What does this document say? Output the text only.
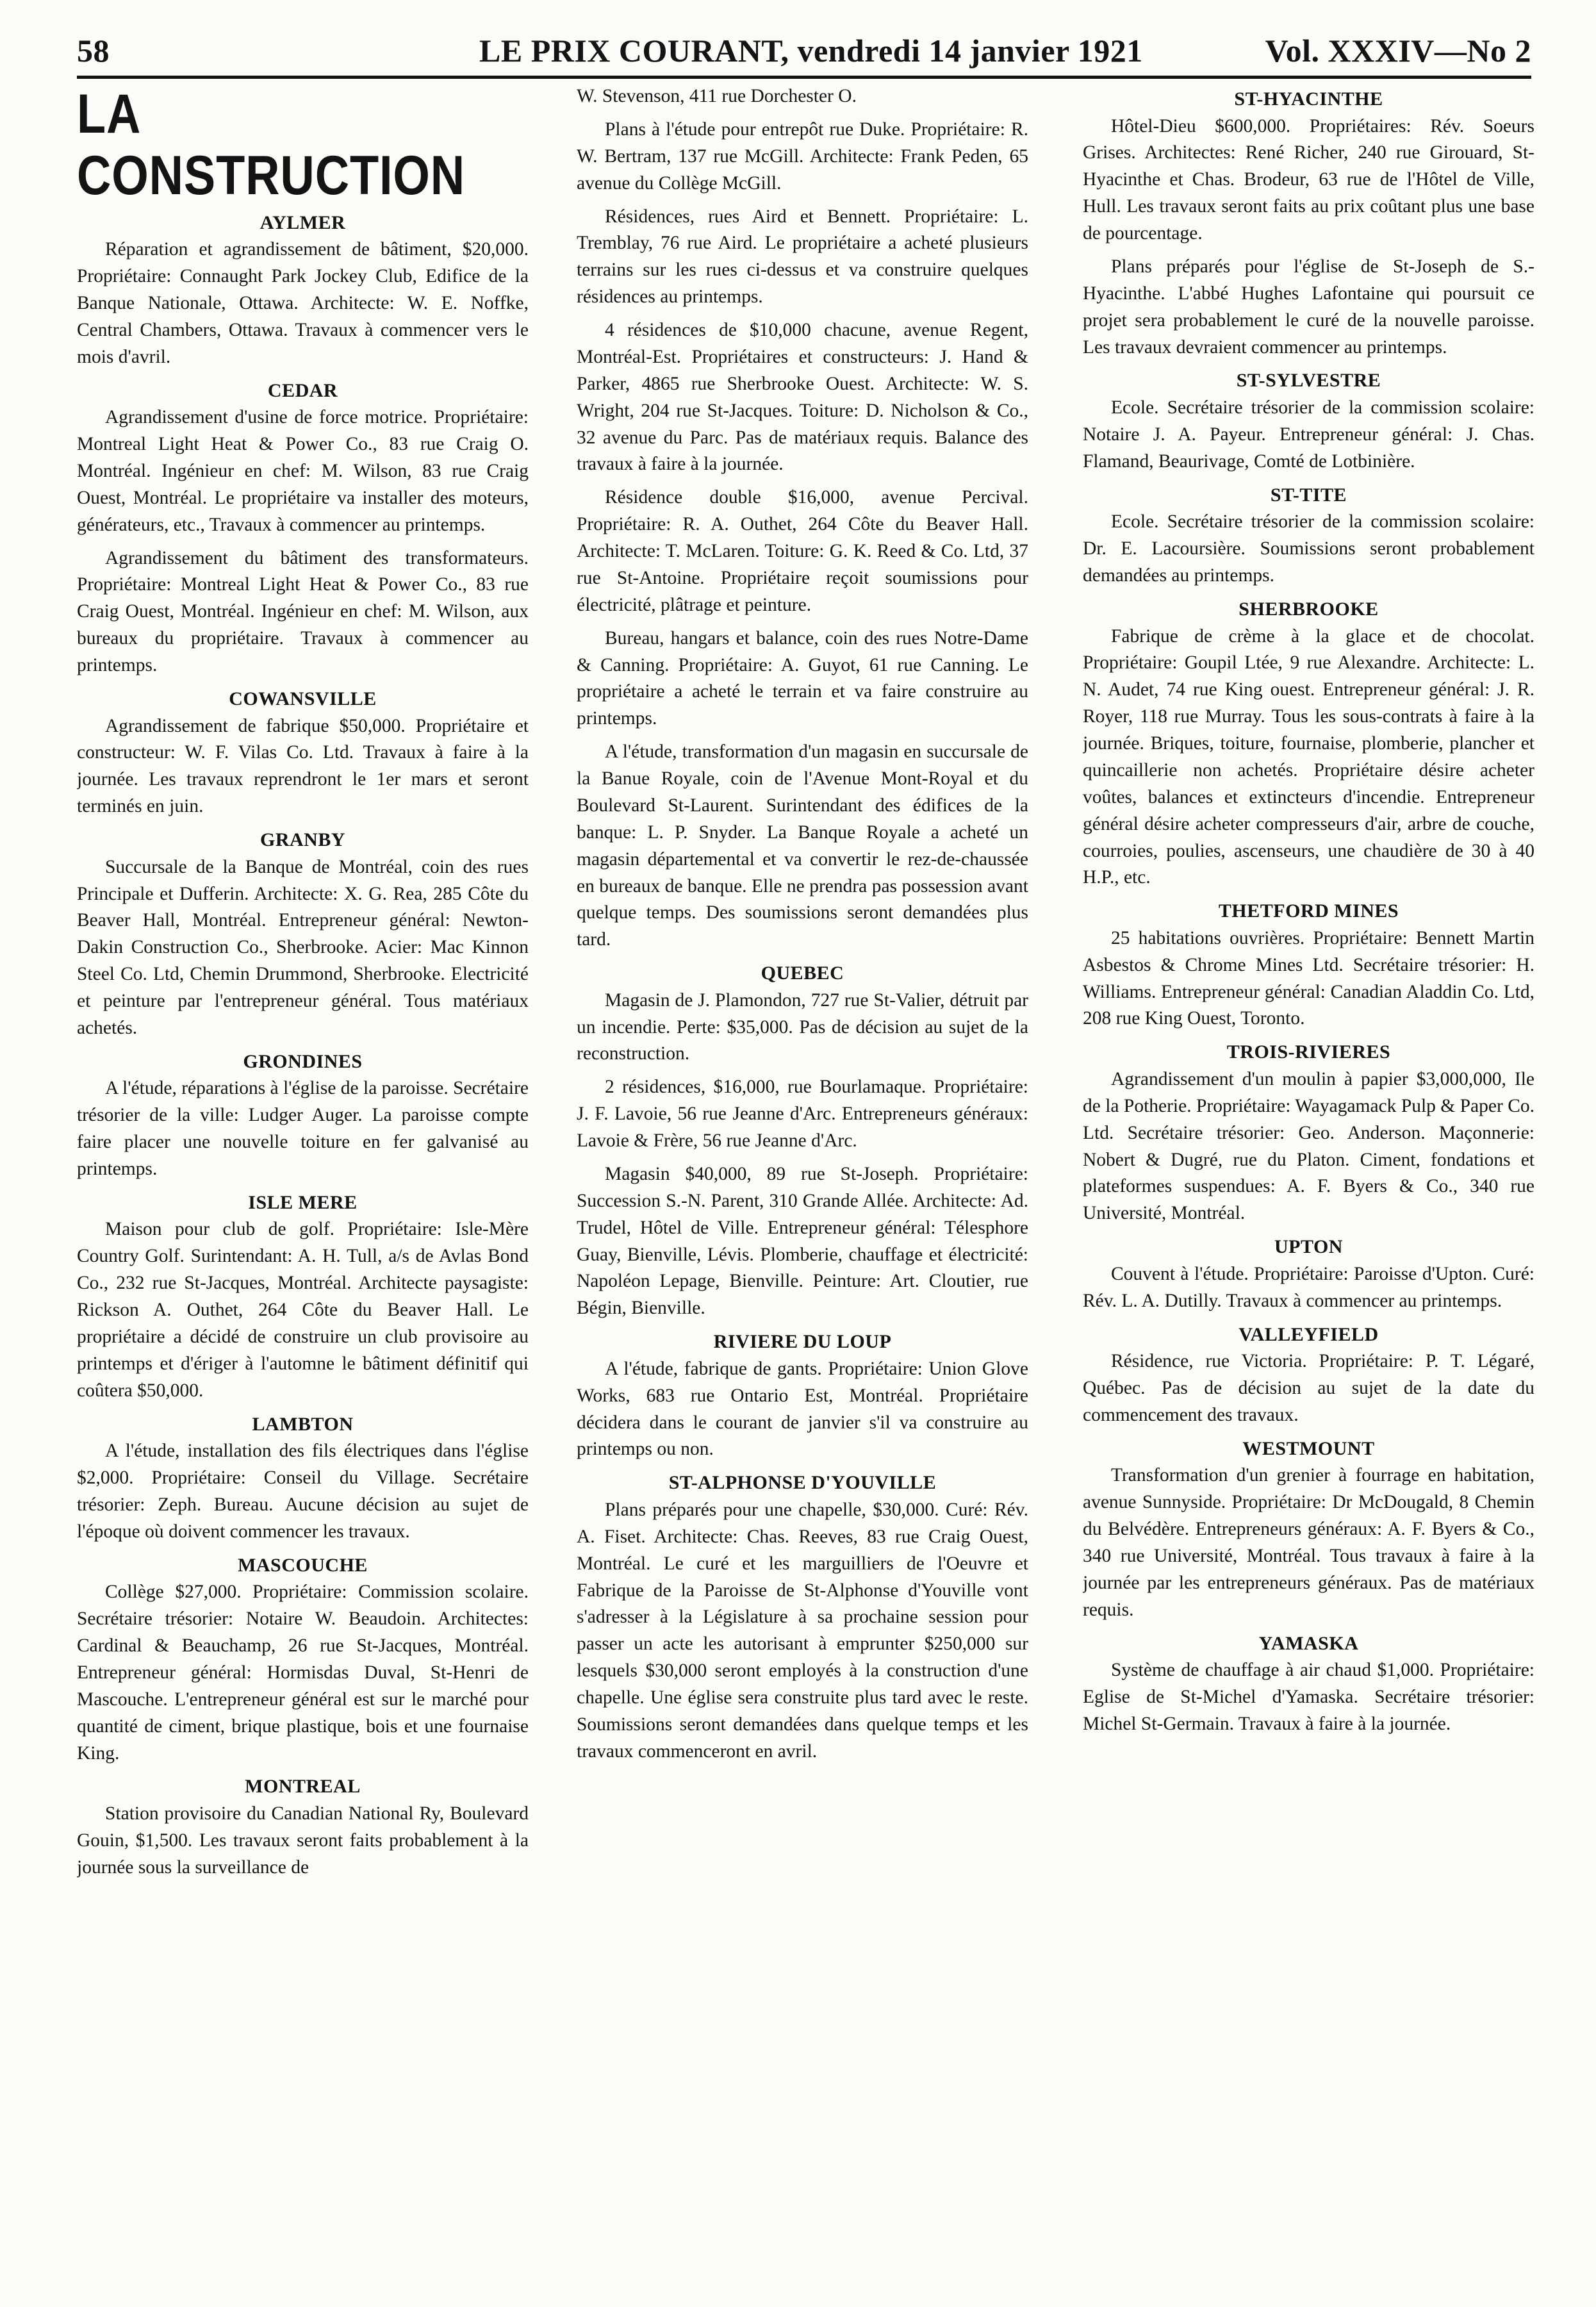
58	LE PRIX COURANT, vendredi 14 janvier 1921	Vol. XXXIV—No 2
LA CONSTRUCTION
AYLMER

Réparation et agrandissement de bâtiment, $20,000. Propriétaire: Connaught Park Jockey Club, Edifice de la Banque Nationale, Ottawa. Architecte: W. E. Noffke, Central Chambers, Ottawa. Travaux à commencer vers le mois d'avril.

CEDAR

Agrandissement d'usine de force motrice. Propriétaire: Montreal Light Heat & Power Co., 83 rue Craig O. Montréal. Ingénieur en chef: M. Wilson, 83 rue Craig Ouest, Montréal. Le propriétaire va installer des moteurs, générateurs, etc., Travaux à commencer au printemps.

Agrandissement du bâtiment des transformateurs. Propriétaire: Montreal Light Heat & Power Co., 83 rue Craig Ouest, Montréal. Ingénieur en chef: M. Wilson, aux bureaux du propriétaire. Travaux à commencer au printemps.

COWANSVILLE

Agrandissement de fabrique $50,000. Propriétaire et constructeur: W. F. Vilas Co. Ltd. Travaux à faire à la journée. Les travaux reprendront le 1er mars et seront terminés en juin.

GRANBY

Succursale de la Banque de Montréal, coin des rues Principale et Dufferin. Architecte: X. G. Rea, 285 Côte du Beaver Hall, Montréal. Entrepreneur général: Newton-Dakin Construction Co., Sherbrooke. Acier: Mac Kinnon Steel Co. Ltd, Chemin Drummond, Sherbrooke. Electricité et peinture par l'entrepreneur général. Tous matériaux achetés.

GRONDINES

A l'étude, réparations à l'église de la paroisse. Secrétaire trésorier de la ville: Ludger Auger. La paroisse compte faire placer une nouvelle toiture en fer galvanisé au printemps.

ISLE MERE

Maison pour club de golf. Propriétaire: Isle-Mère Country Golf. Surintendant: A. H. Tull, a/s de Avlas Bond Co., 232 rue St-Jacques, Montréal. Architecte paysagiste: Rickson A. Outhet, 264 Côte du Beaver Hall. Le propriétaire a décidé de construire un club provisoire au printemps et d'ériger à l'automne le bâtiment définitif qui coûtera $50,000.

LAMBTON

A l'étude, installation des fils électriques dans l'église $2,000. Propriétaire: Conseil du Village. Secrétaire trésorier: Zeph. Bureau. Aucune décision au sujet de l'époque où doivent commencer les travaux.

MASCOUCHE

Collège $27,000. Propriétaire: Commission scolaire. Secrétaire trésorier: Notaire W. Beaudoin. Architectes: Cardinal & Beauchamp, 26 rue St-Jacques, Montréal. Entrepreneur général: Hormisdas Duval, St-Henri de Mascouche. L'entrepreneur général est sur le marché pour quantité de ciment, brique plastique, bois et une fournaise King.

MONTREAL

Station provisoire du Canadian National Ry, Boulevard Gouin, $1,500. Les travaux seront faits probablement à la journée sous la surveillance de

W. Stevenson, 411 rue Dorchester O.

Plans à l'étude pour entrepôt rue Duke. Propriétaire: R. W. Bertram, 137 rue McGill. Architecte: Frank Peden, 65 avenue du Collège McGill.

Résidences, rues Aird et Bennett. Propriétaire: L. Tremblay, 76 rue Aird. Le propriétaire a acheté plusieurs terrains sur les rues ci-dessus et va construire quelques résidences au printemps.

4 résidences de $10,000 chacune, avenue Regent, Montréal-Est. Propriétaires et constructeurs: J. Hand & Parker, 4865 rue Sherbrooke Ouest. Architecte: W. S. Wright, 204 rue St-Jacques. Toiture: D. Nicholson & Co., 32 avenue du Parc. Pas de matériaux requis. Balance des travaux à faire à la journée.

Résidence double $16,000, avenue Percival. Propriétaire: R. A. Outhet, 264 Côte du Beaver Hall. Architecte: T. McLaren. Toiture: G. K. Reed & Co. Ltd, 37 rue St-Antoine. Propriétaire reçoit soumissions pour électricité, plâtrage et peinture.

Bureau, hangars et balance, coin des rues Notre-Dame & Canning. Propriétaire: A. Guyot, 61 rue Canning. Le propriétaire a acheté le terrain et va faire construire au printemps.

A l'étude, transformation d'un magasin en succursale de la Banue Royale, coin de l'Avenue Mont-Royal et du Boulevard St-Laurent. Surintendant des édifices de la banque: L. P. Snyder. La Banque Royale a acheté un magasin départemental et va convertir le rez-de-chaussée en bureaux de banque. Elle ne prendra pas possession avant quelque temps. Des soumissions seront demandées plus tard.

QUEBEC

Magasin de J. Plamondon, 727 rue St-Valier, détruit par un incendie. Perte: $35,000. Pas de décision au sujet de la reconstruction.

2 résidences, $16,000, rue Bourlamaque. Propriétaire: J. F. Lavoie, 56 rue Jeanne d'Arc. Entrepreneurs généraux: Lavoie & Frère, 56 rue Jeanne d'Arc.

Magasin $40,000, 89 rue St-Joseph. Propriétaire: Succession S.-N. Parent, 310 Grande Allée. Architecte: Ad. Trudel, Hôtel de Ville. Entrepreneur général: Télesphore Guay, Bienville, Lévis. Plomberie, chauffage et électricité: Napoléon Lepage, Bienville. Peinture: Art. Cloutier, rue Bégin, Bienville.

RIVIERE DU LOUP

A l'étude, fabrique de gants. Propriétaire: Union Glove Works, 683 rue Ontario Est, Montréal. Propriétaire décidera dans le courant de janvier s'il va construire au printemps ou non.

ST-ALPHONSE D'YOUVILLE

Plans préparés pour une chapelle, $30,000. Curé: Rév. A. Fiset. Architecte: Chas. Reeves, 83 rue Craig Ouest, Montréal. Le curé et les marguilliers de l'Oeuvre et Fabrique de la Paroisse de St-Alphonse d'Youville vont s'adresser à la Législature à sa prochaine session pour passer un acte les autorisant à emprunter $250,000 sur lesquels $30,000 seront employés à la construction d'une chapelle. Une église sera construite plus tard avec le reste. Soumissions seront demandées dans quelque temps et les travaux commenceront en avril.

ST-HYACINTHE

Hôtel-Dieu $600,000. Propriétaires: Rév. Soeurs Grises. Architectes: René Richer, 240 rue Girouard, St-Hyacinthe et Chas. Brodeur, 63 rue de l'Hôtel de Ville, Hull. Les travaux seront faits au prix coûtant plus une base de pourcentage.

Plans préparés pour l'église de St-Joseph de S.-Hyacinthe. L'abbé Hughes Lafontaine qui poursuit ce projet sera probablement le curé de la nouvelle paroisse. Les travaux devraient commencer au printemps.

ST-SYLVESTRE

Ecole. Secrétaire trésorier de la commission scolaire: Notaire J. A. Payeur. Entrepreneur général: J. Chas. Flamand, Beaurivage, Comté de Lotbinière.

ST-TITE

Ecole. Secrétaire trésorier de la commission scolaire: Dr. E. Lacoursière. Soumissions seront probablement demandées au printemps.

SHERBROOKE

Fabrique de crème à la glace et de chocolat. Propriétaire: Goupil Ltée, 9 rue Alexandre. Architecte: L. N. Audet, 74 rue King ouest. Entrepreneur général: J. R. Royer, 118 rue Murray. Tous les sous-contrats à faire à la journée. Briques, toiture, fournaise, plomberie, plancher et quincaillerie non achetés. Propriétaire désire acheter voûtes, balances et extincteurs d'incendie. Entrepreneur général désire acheter compresseurs d'air, arbre de couche, courroies, poulies, ascenseurs, une chaudière de 30 à 40 H.P., etc.

THETFORD MINES

25 habitations ouvrières. Propriétaire: Bennett Martin Asbestos & Chrome Mines Ltd. Secrétaire trésorier: H. Williams. Entrepreneur général: Canadian Aladdin Co. Ltd, 208 rue King Ouest, Toronto.

TROIS-RIVIERES

Agrandissement d'un moulin à papier $3,000,000, Ile de la Potherie. Propriétaire: Wayagamack Pulp & Paper Co. Ltd. Secrétaire trésorier: Geo. Anderson. Maçonnerie: Nobert & Dugré, rue du Platon. Ciment, fondations et plateformes suspendues: A. F. Byers & Co., 340 rue Université, Montréal.

UPTON

Couvent à l'étude. Propriétaire: Paroisse d'Upton. Curé: Rév. L. A. Dutilly. Travaux à commencer au printemps.

VALLEYFIELD

Résidence, rue Victoria. Propriétaire: P. T. Légaré, Québec. Pas de décision au sujet de la date du commencement des travaux.

WESTMOUNT

Transformation d'un grenier à fourrage en habitation, avenue Sunnyside. Propriétaire: Dr McDougald, 8 Chemin du Belvédère. Entrepreneurs généraux: A. F. Byers & Co., 340 rue Université, Montréal. Tous travaux à faire à la journée par les entrepreneurs généraux. Pas de matériaux requis.

YAMASKA

Système de chauffage à air chaud $1,000. Propriétaire: Eglise de St-Michel d'Yamaska. Secrétaire trésorier: Michel St-Germain. Travaux à faire à la journée.
